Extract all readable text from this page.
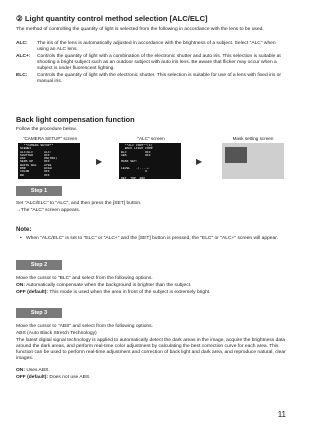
② Light quantity control method selection [ALC/ELC]

The method of controlling the quantity of light is selected from the following in accordance with the lens to be used.

ALC:	The iris of the lens is automatically adjusted in accordance with the brightness of a subject. Select "ALC" when using an ALC lens.
ALC+:	Controls the quantity of light with a combination of the electronic shutter and auto iris. This selection is suitable at shooting a bright subject such as an outdoor subject with auto iris lens. Be aware that flicker may occur when a subject is under fluorescent lighting.
ELC:	Controls the quantity of light with the electronic shutter. This selection is suitable for use of a lens with fixed iris or manual iris.
Back light compensation function

Follow the procedure below.

"CAMERA SETUP" screen	"ALC" screen	Mask setting screen
**CAMERA SETUP**
SCENE1
ALC/ELC      ALC↑
SHUTTER      OFF
AGC          ON(MID)
SENS UP      OFF
WHITE BAL    ATW1
DNR          HIGH
COLOR        OFF
BW           OFF

RET  TOP  END
▶
**ALC CONT**(1)
BACK LIGHT COMP
BLC          OFF
ABS          OFF

MASK SET↑

LEVEL   -|....+
0

RET  TOP  END
▶
Step 1

Set "ALC/ELC" to "ALC", and then press the [SET] button.

→The "ALC" screen appears.

Note:
• When "ALC/ELC" is set to "ELC" or "ALC+" and the [SET] button is pressed, the "ELC" or "ALC+" screen will appear.
Step 2

Move the cursor to "BLC" and select from the following options.

ON: Automatically compensate when the background is brighter than the subject.

OFF (default): This mode is used when the area in front of the subject is extremely bright.

Step 3

Move the cursor to "ABS" and select from the following options.

ABS (Auto Black Stretch Technology)

The latest digital signal technology is applied to automatically detect the dark areas in the image, acquire the brightness data around the dark areas, and perform real-time color adjustment by calculating the best correction curve for each area. This function can be used to perform real-time adjustment and correction of back light and dark area, and reproduce natural, clear images.

ON: Uses ABS.

OFF (default): Does not use ABS.

11
